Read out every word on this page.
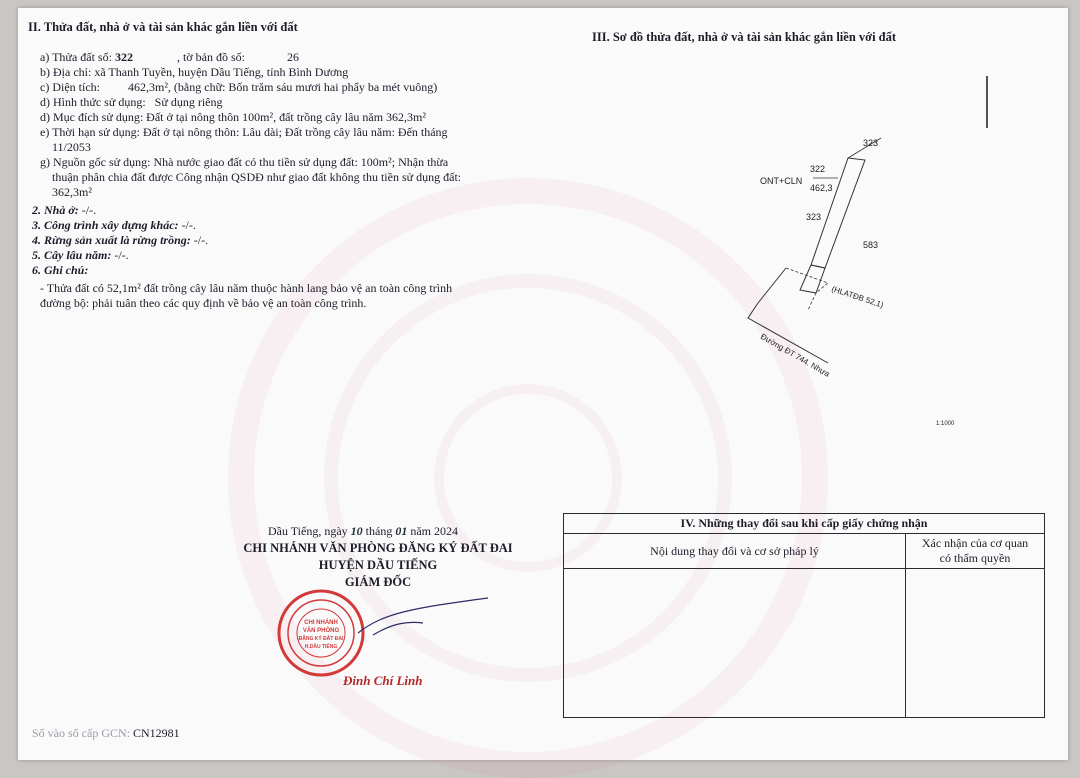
II. Thửa đất, nhà ở và tài sản khác gắn liền với đất
a) Thửa đất số: 322	, tờ bản đồ số:	26
b) Địa chỉ: xã Thanh Tuyền, huyện Dầu Tiếng, tỉnh Bình Dương
c) Diện tích: 462,3m², (bằng chữ: Bốn trăm sáu mươi hai phẩy ba mét vuông)
d) Hình thức sử dụng: Sử dụng riêng
d) Mục đích sử dụng: Đất ở tại nông thôn 100m², đất trồng cây lâu năm 362,3m²
e) Thời hạn sử dụng: Đất ở tại nông thôn: Lâu dài; Đất trồng cây lâu năm: Đến tháng
11/2053
g) Nguồn gốc sử dụng: Nhà nước giao đất có thu tiền sử dụng đất: 100m²; Nhận thừa
thuận phân chia đất được Công nhận QSDĐ như giao đất không thu tiền sử dụng đất:
362,3m²
2. Nhà ở: -/-.
3. Công trình xây dựng khác: -/-.
4. Rừng sản xuất là rừng trồng: -/-.
5. Cây lâu năm: -/-.
6. Ghi chú:
- Thửa đất có 52,1m² đất trồng cây lâu năm thuộc hành lang bảo vệ an toàn công trình
đường bộ: phải tuân theo các quy định về bảo vệ an toàn công trình.
Dầu Tiếng, ngày 10 tháng 01 năm 2024
CHI NHÁNH VĂN PHÒNG ĐĂNG KÝ ĐẤT ĐAI
HUYỆN DẦU TIẾNG
GIÁM ĐỐC
CHI NHÁNH
VĂN PHÒNG
ĐĂNG KÝ ĐẤT ĐAI
H.DẦU TIẾNG
Đinh Chí Linh
Số vào sổ cấp GCN: CN12981
III. Sơ đồ thửa đất, nhà ở và tài sản khác gắn liền với đất
323
322
ONT+CLN
462,3
323
583
(HLATĐB 52,1)
Đường ĐT 744. Nhựa
1:1000
IV. Những thay đổi sau khi cấp giấy chứng nhận	
Nội dung thay đổi và cơ sở pháp lý	Xác nhận của cơ quan
có thẩm quyền
